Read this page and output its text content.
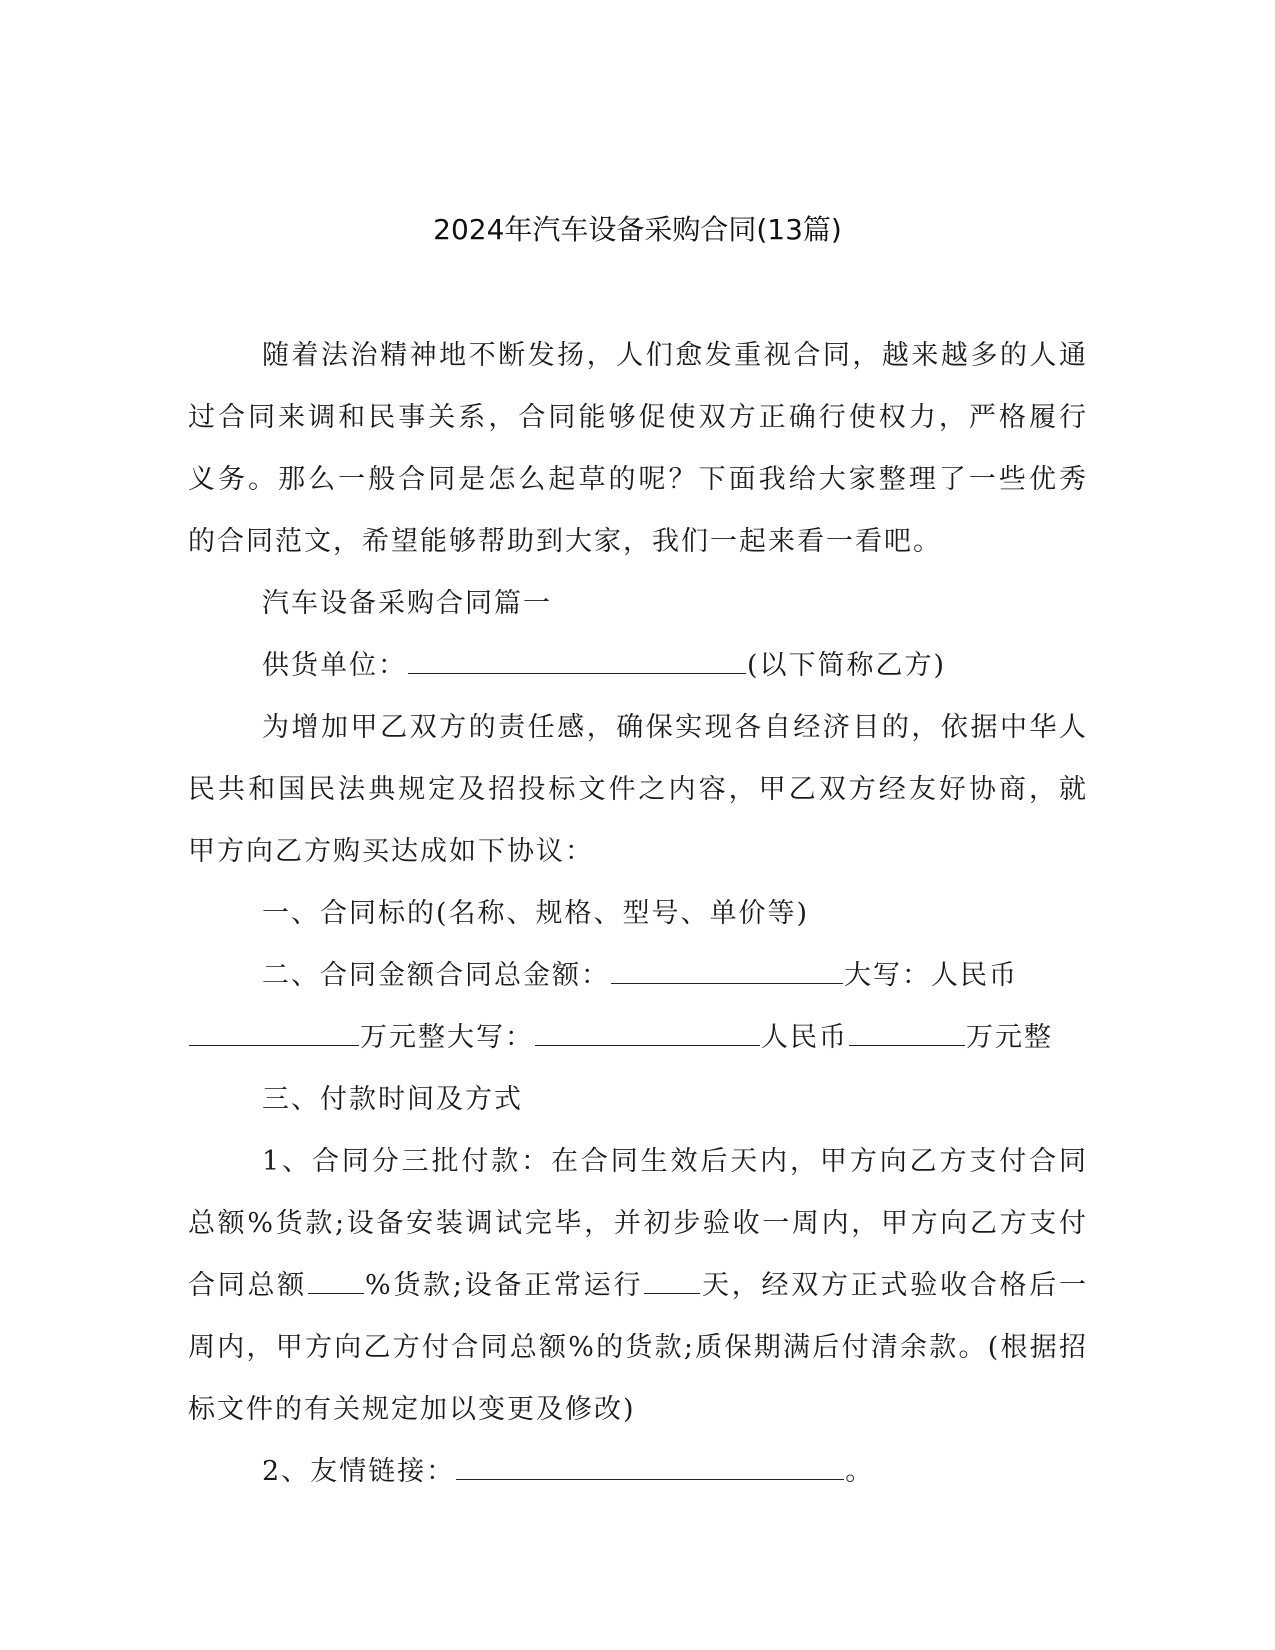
2024年汽车设备采购合同(13篇)
随着法治精神地不断发扬，人们愈发重视合同，越来越多的人通
过合同来调和民事关系，合同能够促使双方正确行使权力，严格履行
义务。那么一般合同是怎么起草的呢？下面我给大家整理了一些优秀
的合同范文，希望能够帮助到大家，我们一起来看一看吧。
汽车设备采购合同篇一
供货单位：	(以下简称乙方)
为增加甲乙双方的责任感，确保实现各自经济目的，依据中华人
民共和国民法典规定及招投标文件之内容，甲乙双方经友好协商，就
甲方向乙方购买达成如下协议：
一、合同标的(名称、规格、型号、单价等)
二、合同金额合同总金额：	大写：人民币
万元整大写：	人民币	万元整
三、付款时间及方式
1、合同分三批付款：在合同生效后天内，甲方向乙方支付合同
总额%货款;设备安装调试完毕，并初步验收一周内，甲方向乙方支付
合同总额 %货款;设备正常运行 天，经双方正式验收合格后一
周内，甲方向乙方付合同总额%的货款;质保期满后付清余款。(根据招
标文件的有关规定加以变更及修改)
2、友情链接：	。
